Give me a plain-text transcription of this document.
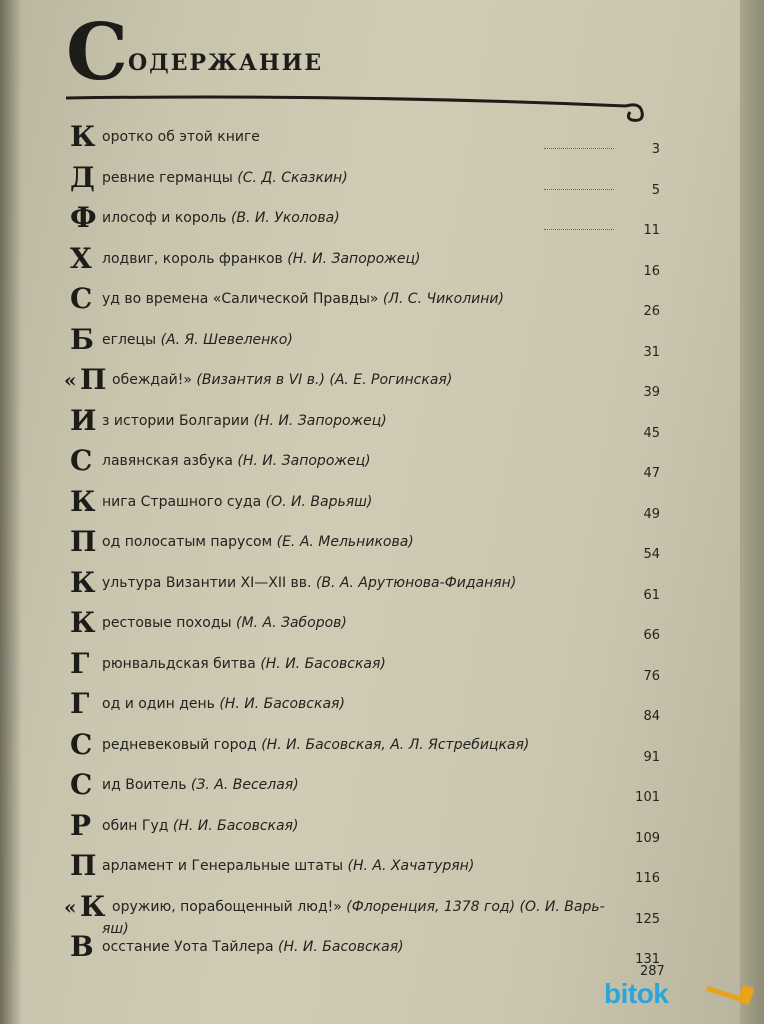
С ОДЕРЖАНИЕ
К оротко об этой книге
3
Д ревние германцы (С. Д. Сказкин)
5
Ф илософ и король (В. И. Уколова)
11
Х лодвиг, король франков (Н. И. Запорожец)
16
С уд во времена «Салической Правды» (Л. С. Чиколини)
26
Б еглецы (А. Я. Шевеленко)
31
« П обеждай!» (Византия в VI в.) (А. Е. Рогинская)
39
И з истории Болгарии (Н. И. Запорожец)
45
С лавянская азбука (Н. И. Запорожец)
47
К нига Страшного суда (О. И. Варьяш)
49
П од полосатым парусом (Е. А. Мельникова)
54
К ультура Византии XI—XII вв. (В. А. Арутюнова-Фиданян)
61
К рестовые походы (М. А. Заборов)
66
Г рюнвальдская битва (Н. И. Басовская)
76
Г од и один день (Н. И. Басовская)
84
С редневековый город (Н. И. Басовская, А. Л. Ястребицкая)
91
С ид Воитель (З. А. Веселая)
101
Р обин Гуд (Н. И. Басовская)
109
П арламент и Генеральные штаты (Н. А. Хачатурян)
116
« К оружию, порабощенный люд!» (Флоренция, 1378 год) (О. И. Варь-
яш)
125
В осстание Уота Тайлера (Н. И. Басовская)
131
287
bitok
